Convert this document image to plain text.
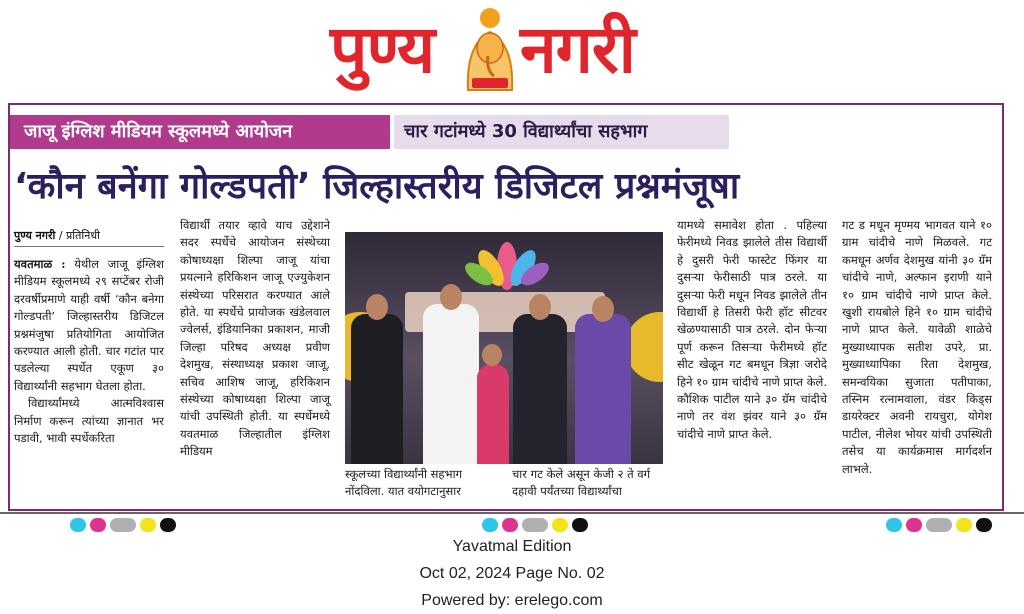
पुण्य नगरी
जाजू इंग्लिश मीडियम स्कूलमध्ये आयोजन	चार गटांमध्ये 30 विद्यार्थ्यांचा सहभाग
‘कौन बनेंगा गोल्डपती’ जिल्हास्तरीय डिजिटल प्रश्नमंजूषा
पुण्य नगरी / प्रतिनिधी

यवतमाळ : येथील जाजू इंग्लिश मीडियम स्कूलमध्ये २९ सप्टेंबर रोजी दरवर्षीप्रमाणे याही वर्षी ‘कौन बनेगा गोल्डपती’ जिल्हास्तरीय डिजिटल प्रश्नमंजुषा प्रतियोगिता आयोजित करण्यात आली होती. चार गटांत पार पडलेल्या स्पर्धेत एकूण ३० विद्यार्थ्यांनी सहभाग घेतला होता.

विद्यार्थ्यांमध्ये आत्मविश्वास निर्माण करून त्यांच्या ज्ञानात भर पडावी, भावी स्पर्धेकरिता

विद्यार्थी तयार व्हावे याच उद्देशाने सदर स्पर्धेचे आयोजन संस्थेच्या कोषाध्यक्षा शिल्पा जाजू यांचा प्रयत्नाने हरिकिशन जाजू एज्युकेशन संस्थेच्या परिसरात करण्यात आले होते. या स्पर्धेचे प्रायोजक खंडेलवाल ज्वेलर्स, इंडियानिका प्रकाशन, माजी जिल्हा परिषद अध्यक्ष प्रवीण देशमुख, संस्थाध्यक्ष प्रकाश जाजू, सचिव आशिष जाजू, हरिकिशन संस्थेच्या कोषाध्यक्षा शिल्पा जाजू यांची उपस्थिती होती. या स्पर्धेमध्ये यवतमाळ जिल्हातील इंग्लिश मीडियम

स्कूलच्या विद्यार्थ्यांनी सहभाग नोंदविला. यात वयोगटानुसार
चार गट केले असून केजी २ ते वर्ग दहावी पर्यंतच्या विद्यार्थ्यांचा

यामध्ये समावेश होता . पहिल्या फेरीमध्ये निवड झालेले तीस विद्यार्थी हे दुसरी फेरी फास्टेट फिंगर या दुसऱ्या फेरीसाठी पात्र ठरले. या दुसऱ्या फेरी मधून निवड झालेले तीन विद्यार्थी हे तिसरी फेरी हॉट सीटवर खेळण्यासाठी पात्र ठरले. दोन फेऱ्या पूर्ण करून तिसऱ्या फेरीमध्ये हॉट सीट खेळून गट बमधून त्रिज्ञा जरोदे हिने १० ग्राम चांदीचे नाणे प्राप्त केले. कौशिक पाटील याने ३० ग्रॅम चांदीचे नाणे तर वंश झंवर याने ३० ग्रॅम चांदीचे नाणे प्राप्त केले.

गट ड मधून मृण्मय भागवत याने १० ग्राम चांदीचे नाणे मिळवले. गट कमधून अर्णव देशमुख यांनी ३० ग्रॅम चांदीचे नाणे, अल्फान इराणी याने १० ग्राम चांदीचे नाणे प्राप्त केले. खुशी रायबोले हिने १० ग्राम चांदीचे नाणे प्राप्त केले. यावेळी शाळेचे मुख्याध्यापक सतीश उपरे, प्रा. मुख्याध्यापिका रिता देशमुख, समन्वयिका सुजाता पतीपाका, तस्निम रत्नामवाला, वंडर किड्स डायरेक्टर अवनी रायचुरा, योगेश पाटील, नीलेश भोयर यांची उपस्थिती तसेच या कार्यक्रमास मार्गदर्शन लाभले.

Yavatmal Edition
Oct 02, 2024 Page No. 02
Powered by: erelego.com
